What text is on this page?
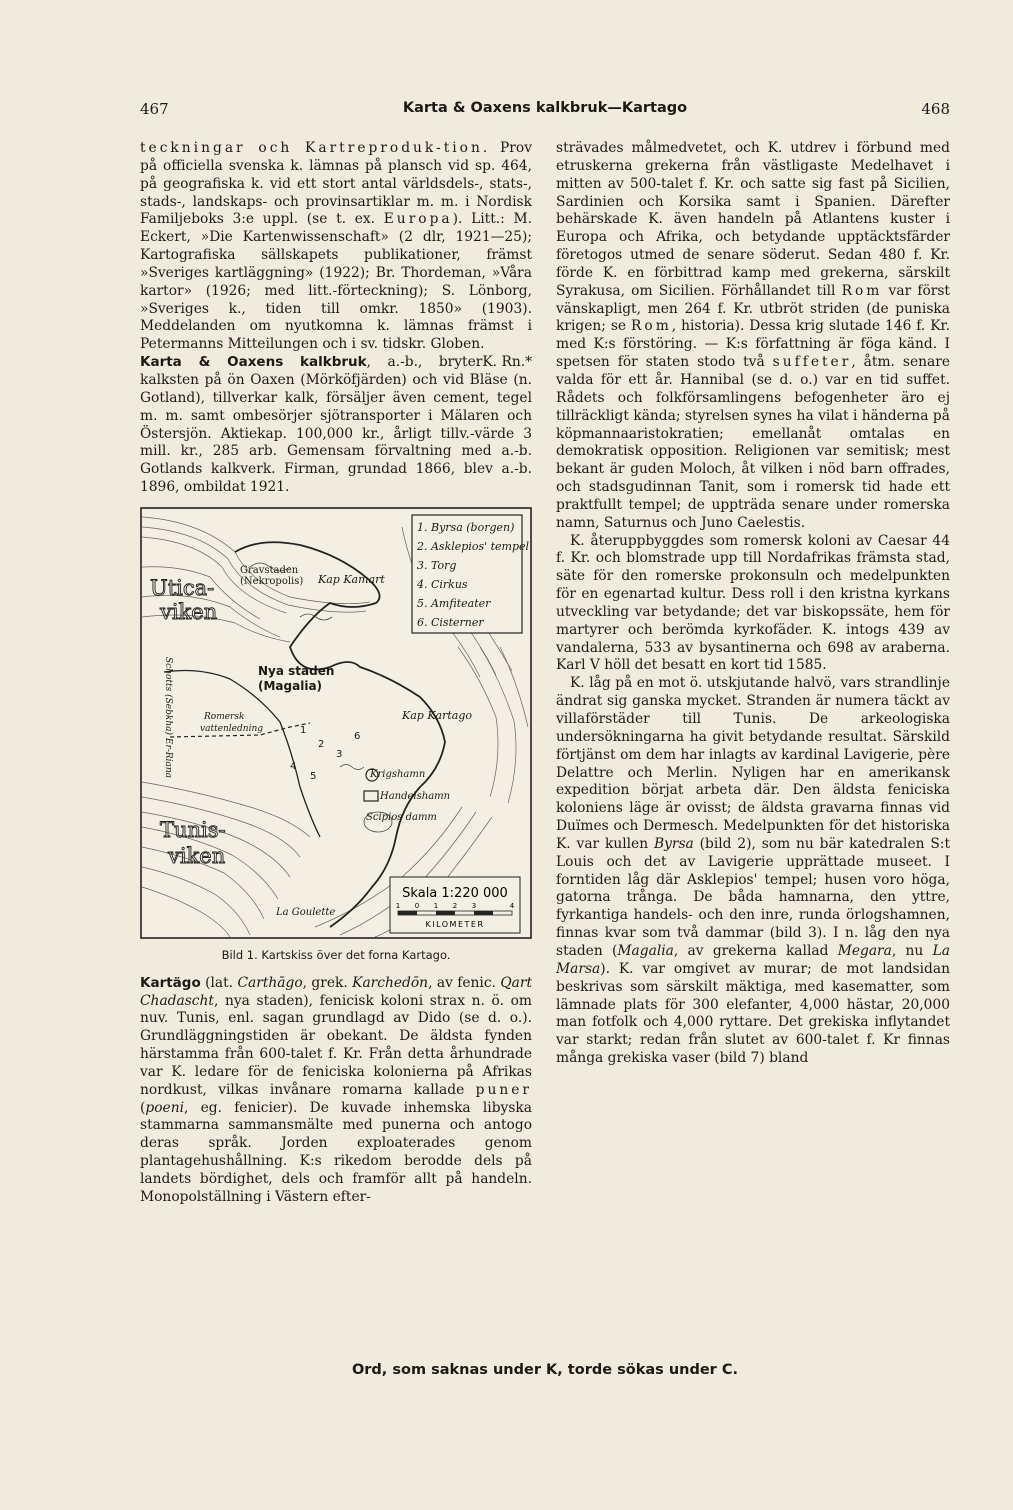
467	Karta & Oaxens kalkbruk—Kartago	468

teckningar och Kartreproduk-tion. Prov på officiella svenska k. lämnas på plansch vid sp. 464, på geografiska k. vid ett stort antal världsdels-, stats-, stads-, landskaps- och provinsartiklar m. m. i Nordisk Familjeboks 3:e uppl. (se t. ex. Europa). Litt.: M. Eckert, »Die Kartenwissenschaft» (2 dlr, 1921—25); Kartografiska sällskapets publikationer, främst »Sveriges kartläggning» (1922); Br. Thordeman, »Våra kartor» (1926; med litt.-förteckning); S. Lönborg, »Sveriges k., tiden till omkr. 1850» (1903). Meddelanden om nyutkomna k. lämnas främst i Petermanns Mitteilungen och i sv. tidskr. Globen.
K. Rn.*

Karta & Oaxens kalkbruk, a.-b., bryter kalksten på ön Oaxen (Mörköfjärden) och vid Bläse (n. Gotland), tillverkar kalk, försäljer även cement, tegel m. m. samt ombesörjer sjötransporter i Mälaren och Östersjön. Aktiekap. 100,000 kr., årligt tillv.-värde 3 mill. kr., 285 arb. Gemensam förvaltning med a.-b. Gotlands kalkverk. Firman, grundad 1866, blev a.-b. 1896, ombildat 1921.

1. Byrsa (borgen)
2. Asklepios' tempel
3. Torg
4. Cirkus
5. Amfiteater
6. Cisterner
Utica-
viken
Tunis-
viken
Gravstaden
(Nekropolis) Kap Kamart
Nya staden
(Magalia)
Kap Kartago
Romersk
vattenledning
Schotts (Sebkha) Er-Riana	Krigshamn
Handelshamn
Scipios damm
La Goulette
1
2
3
4
5
6
Skala 1:220 000
1 0 1 2 3	4
KILOMETER
Bild 1. Kartskiss över det forna Kartago.

Kartägo (lat. Carthāgo, grek. Karchedōn, av fenic. Qart Chadascht, nya staden), fenicisk koloni strax n. ö. om nuv. Tunis, enl. sagan grundlagd av Dido (se d. o.). Grundläggningstiden är obekant. De äldsta fynden härstamma från 600-talet f. Kr. Från detta århundrade var K. ledare för de feniciska kolonierna på Afrikas nordkust, vilkas invånare romarna kallade puner (poeni, eg. fenicier). De kuvade inhemska libyska stammarna sammansmälte med punerna och antogo deras språk. Jorden exploaterades genom plantagehushållning. K:s rikedom berodde dels på landets bördighet, dels och framför allt på handeln. Monopolställning i Västern efter-

strävades målmedvetet, och K. utdrev i förbund med etruskerna grekerna från västligaste Medelhavet i mitten av 500-talet f. Kr. och satte sig fast på Sicilien, Sardinien och Korsika samt i Spanien. Därefter behärskade K. även handeln på Atlantens kuster i Europa och Afrika, och betydande upptäcktsfärder företogos utmed de senare söderut. Sedan 480 f. Kr. förde K. en förbittrad kamp med grekerna, särskilt Syrakusa, om Sicilien. Förhållandet till Rom var först vänskapligt, men 264 f. Kr. utbröt striden (de puniska krigen; se Rom, historia). Dessa krig slutade 146 f. Kr. med K:s förstöring. — K:s författning är föga känd. I spetsen för staten stodo två suffeter, åtm. senare valda för ett år. Hannibal (se d. o.) var en tid suffet. Rådets och folkförsamlingens befogenheter äro ej tillräckligt kända; styrelsen synes ha vilat i händerna på köpmannaaristokratien; emellanåt omtalas en demokratisk opposition. Religionen var semitisk; mest bekant är guden Moloch, åt vilken i nöd barn offrades, och stadsgudinnan Tanit, som i romersk tid hade ett praktfullt tempel; de uppträda senare under romerska namn, Saturnus och Juno Caelestis.

K. återuppbyggdes som romersk koloni av Caesar 44 f. Kr. och blomstrade upp till Nordafrikas främsta stad, säte för den romerske prokonsuln och medelpunkten för en egenartad kultur. Dess roll i den kristna kyrkans utveckling var betydande; det var biskopssäte, hem för martyrer och berömda kyrkofäder. K. intogs 439 av vandalerna, 533 av bysantinerna och 698 av araberna. Karl V höll det besatt en kort tid 1585.

K. låg på en mot ö. utskjutande halvö, vars strandlinje ändrat sig ganska mycket. Stranden är numera täckt av villaförstäder till Tunis. De arkeologiska undersökningarna ha givit betydande resultat. Särskild förtjänst om dem har inlagts av kardinal Lavigerie, père Delattre och Merlin. Nyligen har en amerikansk expedition börjat arbeta där. Den äldsta feniciska koloniens läge är ovisst; de äldsta gravarna finnas vid Duïmes och Dermesch. Medelpunkten för det historiska K. var kullen Byrsa (bild 2), som nu bär katedralen S:t Louis och det av Lavigerie upprättade museet. I forntiden låg där Asklepios' tempel; husen voro höga, gatorna trånga. De båda hamnarna, den yttre, fyrkantiga handels- och den inre, runda örlogshamnen, finnas kvar som två dammar (bild 3). I n. låg den nya staden (Magalia, av grekerna kallad Megara, nu La Marsa). K. var omgivet av murar; de mot landsidan beskrivas som särskilt mäktiga, med kasematter, som lämnade plats för 300 elefanter, 4,000 hästar, 20,000 man fotfolk och 4,000 ryttare. Det grekiska inflytandet var starkt; redan från slutet av 600-talet f. Kr finnas många grekiska vaser (bild 7) bland

Ord, som saknas under K, torde sökas under C.
